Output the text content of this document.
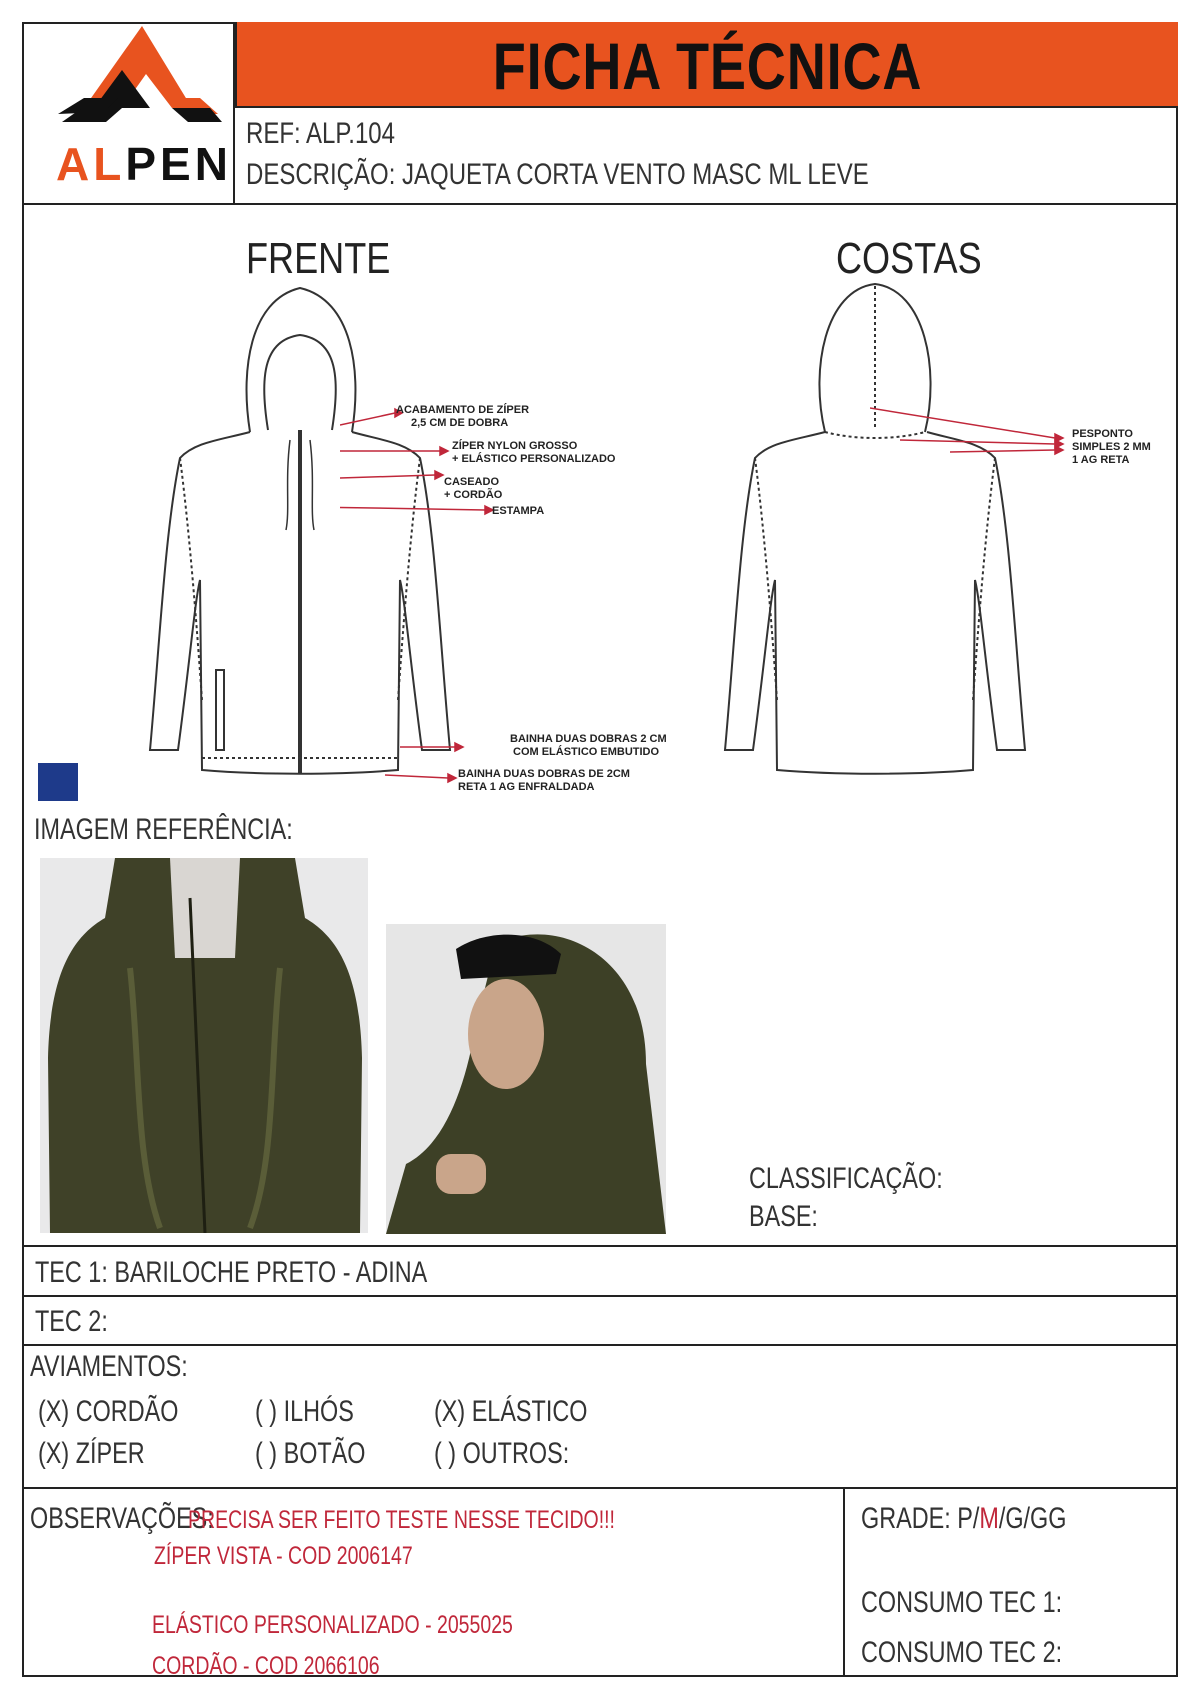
ALPEN
FICHA TÉCNICA
REF: ALP.104
DESCRIÇÃO: JAQUETA CORTA VENTO MASC ML LEVE
FRENTE	COSTAS
ACABAMENTO DE ZÍPER
2,5 CM DE DOBRA
ZÍPER NYLON GROSSO
+ ELÁSTICO PERSONALIZADO
CASEADO
+ CORDÃO
ESTAMPA
BAINHA DUAS DOBRAS 2 CM
COM ELÁSTICO EMBUTIDO
BAINHA DUAS DOBRAS DE 2CM
RETA 1 AG ENFRALDADA
PESPONTO
SIMPLES 2 MM
1 AG RETA
IMAGEM REFERÊNCIA:
CLASSIFICAÇÃO:
BASE:
TEC 1: BARILOCHE PRETO - ADINA
TEC 2:
AVIAMENTOS:
(X) CORDÃO	( ) ILHÓS	(X) ELÁSTICO
(X) ZÍPER	( ) BOTÃO ( ) OUTROS:
OBSERVAÇÕES:
PRECISA SER FEITO TESTE NESSE TECIDO!!!
ZÍPER VISTA - COD 2006147
ELÁSTICO PERSONALIZADO - 2055025
CORDÃO - COD 2066106
GRADE: P/M/G/GG
CONSUMO TEC 1:
CONSUMO TEC 2:
